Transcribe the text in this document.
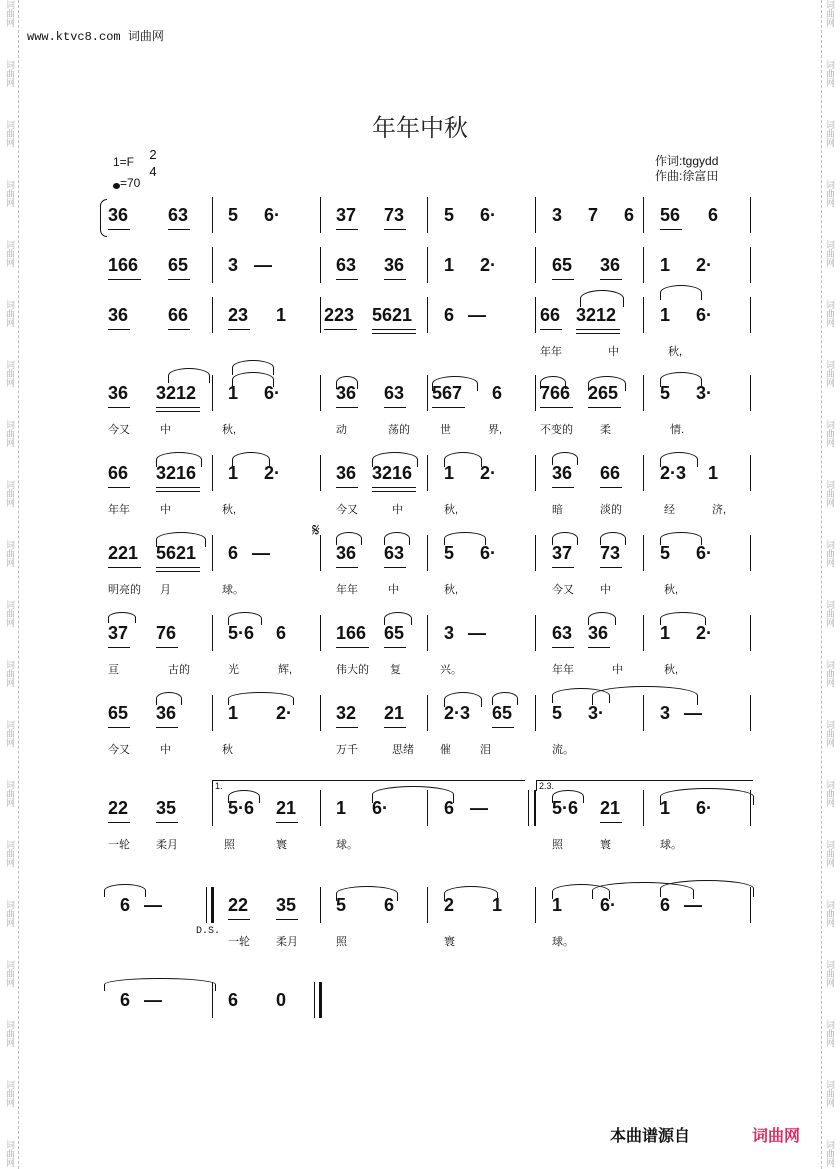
词曲网
词曲网
词曲网
词曲网
词曲网
词曲网
词曲网
词曲网
词曲网
词曲网
词曲网
词曲网
词曲网
词曲网
词曲网
词曲网
词曲网
词曲网
词曲网
词曲网
词曲网
词曲网
词曲网
词曲网
词曲网
词曲网
词曲网
词曲网
词曲网
词曲网
词曲网
词曲网
词曲网
词曲网
词曲网
词曲网
词曲网
词曲网
词曲网
词曲网
www.ktvc8.com 词曲网
年年中秋
1=F 2
4
=70
作词:tggydd
作曲:徐富田
36 63 5 6·	37 73 5 6·	3 7 6 56 6
166 65 3 —	63 36 1 2·	65 36 1 2·
36 66 23 1 223 5621 6 —	66 3212 1 6·
年年	中	秋,
36 3212 1 6·	36 63 567 6 766 265 5 3·
今又	中	秋,	动	荡的	世	界,	不变的 柔	情.
66 3216 1 2·	36 3216 1 2·	36 66 2·3 1
年年	中	秋,	今又	中	秋,	暗	淡的	经	济,
221 5621 6 —	36 63 5 6·	37 73 5 6·
明亮的 月	球。	年年	中	秋,	今又 中	秋,
37 76	5·6 6	166 65 3 —	63 36	1 2·
亘	古的	光	辉,	伟大的 复	兴。	年年	中	秋,
65 36	1 2· 32 21 2·3 65 5 3·	3 —
今又	中	秋	万千	思绪 催	泪	流。
22 35	5·6 21 1 6·	6 —	5·6 21 1 6·
一轮 柔月	照	寰	球。	照	寰	球。
6 —	22 35 5 6	2 1	1 6· 6 —
一轮 柔月	照	寰	球。
6 —	6 0
1.	2.3.
𝄋
D.S.
本曲谱源自	词曲网
